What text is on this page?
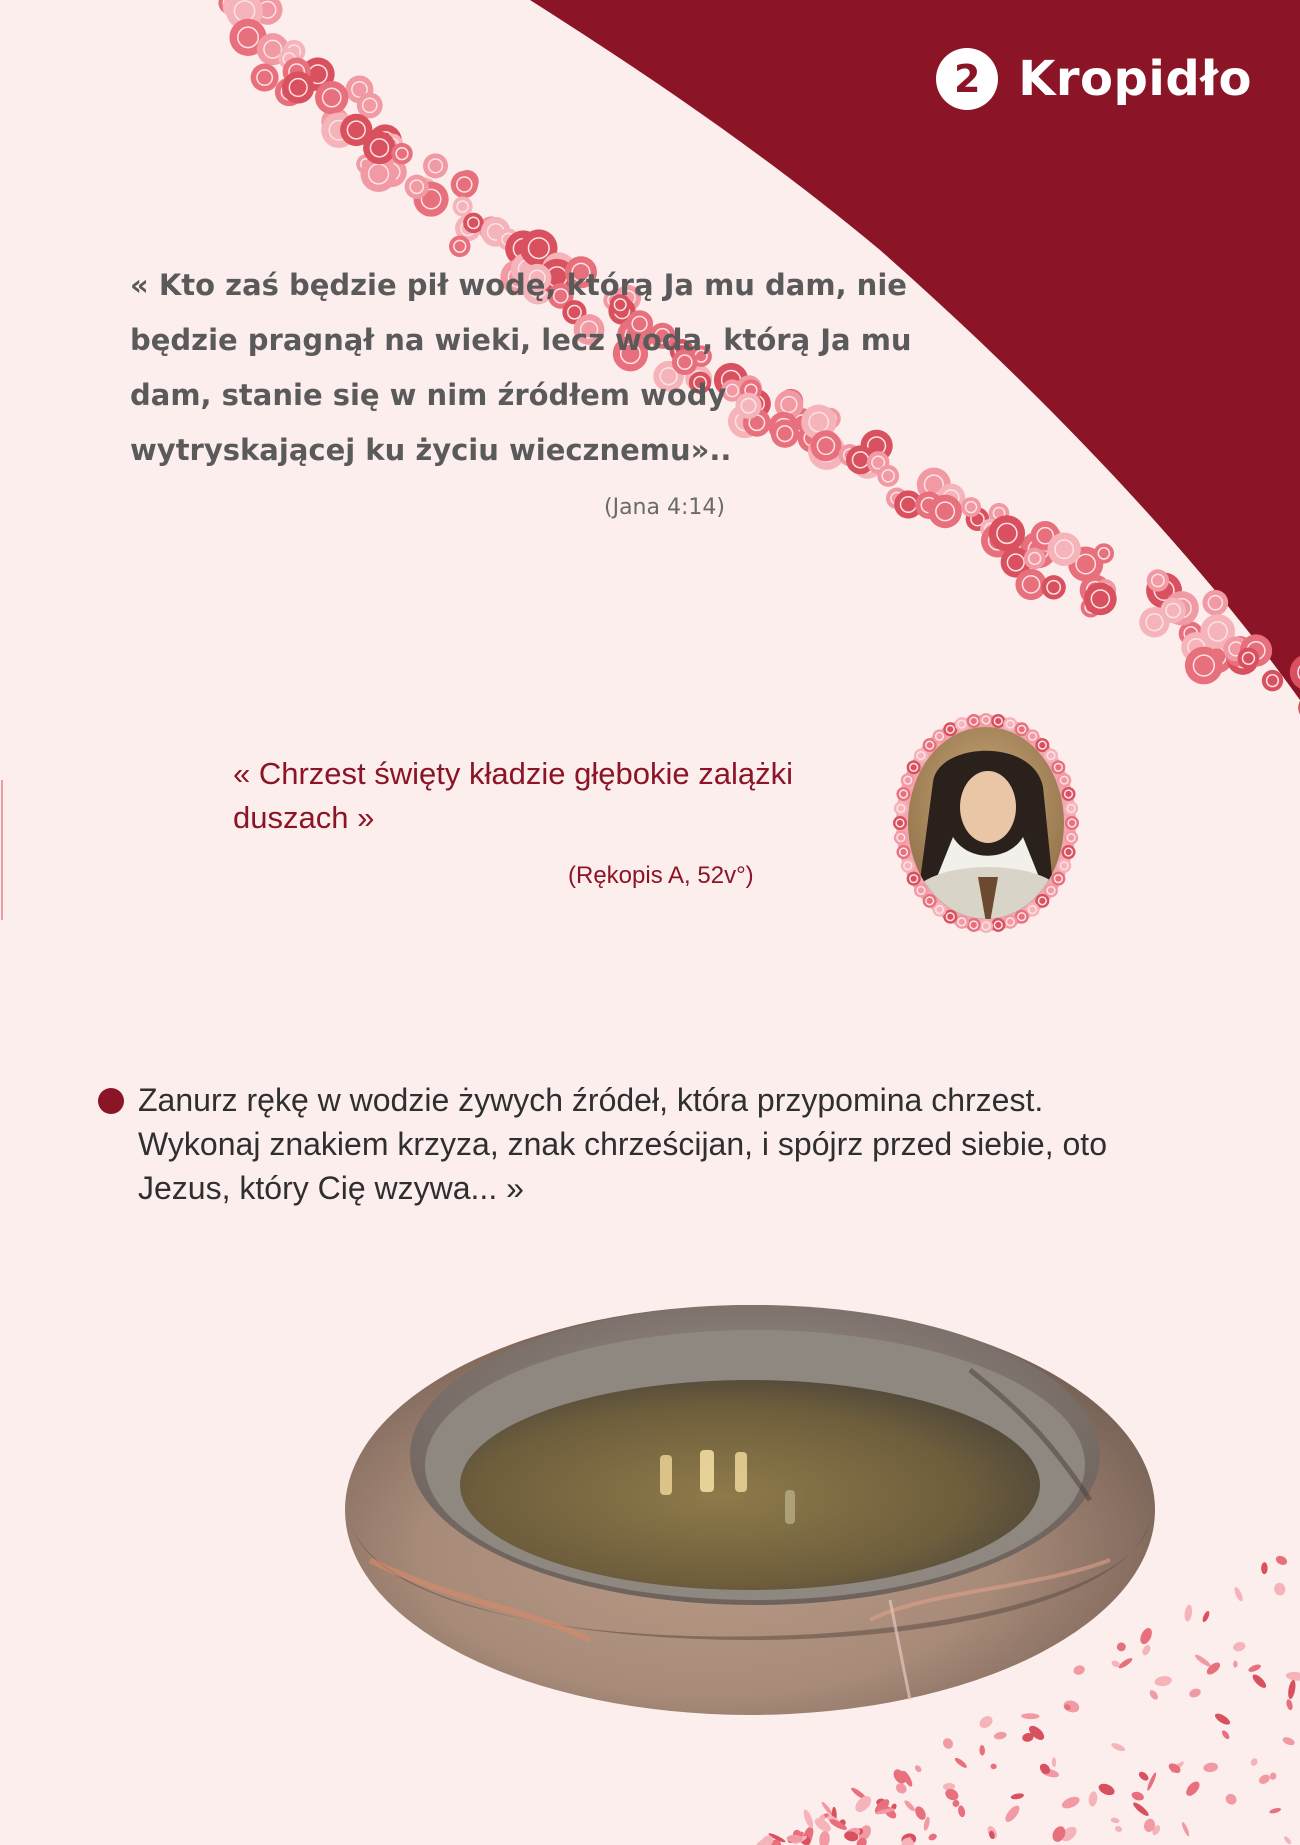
2 Kropidło
« Kto zaś będzie pił wodę, którą Ja mu dam, nie będzie pragnął na wieki, lecz woda, którą Ja mu dam, stanie się w nim źródłem wody wytryskającej ku życiu wiecznemu»..
(Jana 4:14)
« Chrzest święty kładzie głębokie zalążki duszach »
(Rękopis A, 52v°)
Zanurz rękę w wodzie żywych źródeł, która przypomina chrzest. Wykonaj znakiem krzyza, znak chrześcijan, i spójrz przed siebie, oto Jezus, który Cię wzywa... »
